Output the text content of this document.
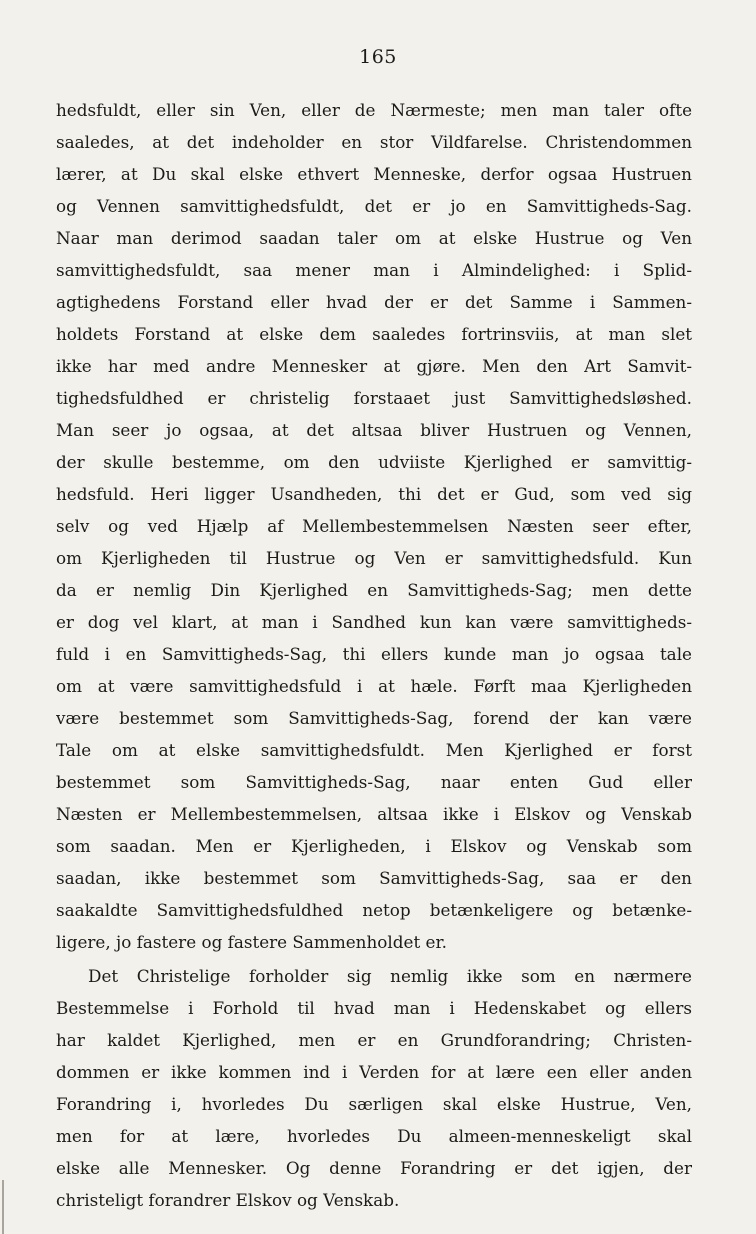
165
hedsfuldt, eller sin Ven, eller de Nærmeste; men man taler ofte
saaledes, at det indeholder en stor Vildfarelse. Christendommen
lærer, at Du skal elske ethvert Menneske, derfor ogsaa Hustruen
og Vennen samvittighedsfuldt, det er jo en Samvittigheds-Sag.
Naar man derimod saadan taler om at elske Hustrue og Ven
samvittighedsfuldt, saa mener man i Almindelighed: i Splid-
agtighedens Forstand eller hvad der er det Samme i Sammen-
holdets Forstand at elske dem saaledes fortrinsviis, at man slet
ikke har med andre Mennesker at gjøre. Men den Art Samvit-
tighedsfuldhed er christelig forstaaet just Samvittighedsløshed.
Man seer jo ogsaa, at det altsaa bliver Hustruen og Vennen,
der skulle bestemme, om den udviiste Kjerlighed er samvittig-
hedsfuld. Heri ligger Usandheden, thi det er Gud, som ved sig
selv og ved Hjælp af Mellembestemmelsen Næsten seer efter,
om Kjerligheden til Hustrue og Ven er samvittighedsfuld. Kun
da er nemlig Din Kjerlighed en Samvittigheds-Sag; men dette
er dog vel klart, at man i Sandhed kun kan være samvittigheds-
fuld i en Samvittigheds-Sag, thi ellers kunde man jo ogsaa tale
om at være samvittighedsfuld i at hæle. Førft maa Kjerligheden
være bestemmet som Samvittigheds-Sag, forend der kan være
Tale om at elske samvittighedsfuldt. Men Kjerlighed er forst
bestemmet som Samvittigheds-Sag, naar enten Gud eller
Næsten er Mellembestemmelsen, altsaa ikke i Elskov og Venskab
som saadan. Men er Kjerligheden, i Elskov og Venskab som
saadan, ikke bestemmet som Samvittigheds-Sag, saa er den
saakaldte Samvittighedsfuldhed netop betænkeligere og betænke-
ligere, jo fastere og fastere Sammenholdet er.
Det Christelige forholder sig nemlig ikke som en nærmere
Bestemmelse i Forhold til hvad man i Hedenskabet og ellers
har kaldet Kjerlighed, men er en Grundforandring; Christen-
dommen er ikke kommen ind i Verden for at lære een eller anden
Forandring i, hvorledes Du særligen skal elske Hustrue, Ven,
men for at lære, hvorledes Du almeen-menneskeligt skal
elske alle Mennesker. Og denne Forandring er det igjen, der
christeligt forandrer Elskov og Venskab.
